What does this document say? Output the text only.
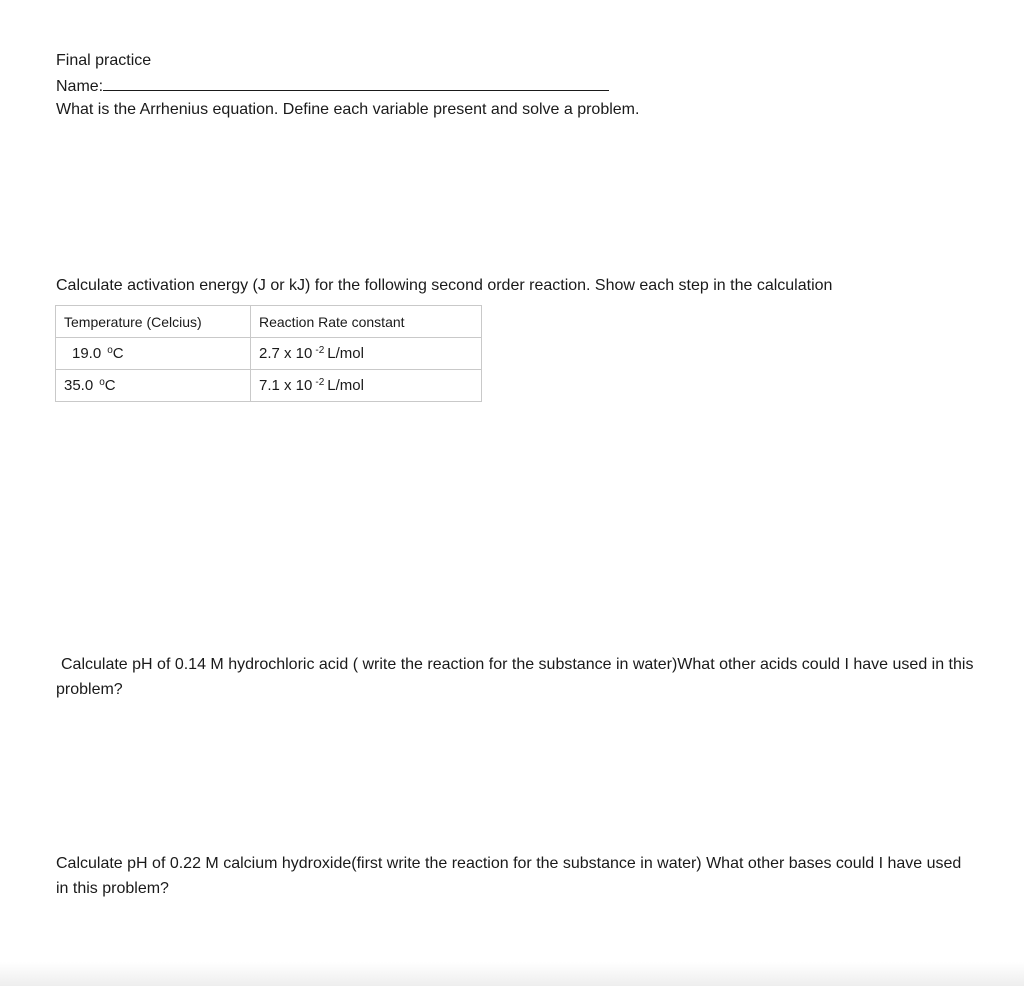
Final practice
Name:
What is the Arrhenius equation. Define each variable present and solve a problem.
Calculate activation energy (J or kJ) for the following second order reaction. Show each step in the calculation
Temperature (Celcius)	Reaction Rate constant
19.0 $^o$C	2.7 x 10 $^{-2}$ L/mol
35.0 $^o$C	7.1 x 10 $^{-2}$ L/mol
Calculate pH of 0.14 M hydrochloric acid ( write the reaction for the substance in water)What other acids could I have used in this problem?
Calculate pH of 0.22 M calcium hydroxide(first write the reaction for the substance in water) What other bases could I have used in this problem?
